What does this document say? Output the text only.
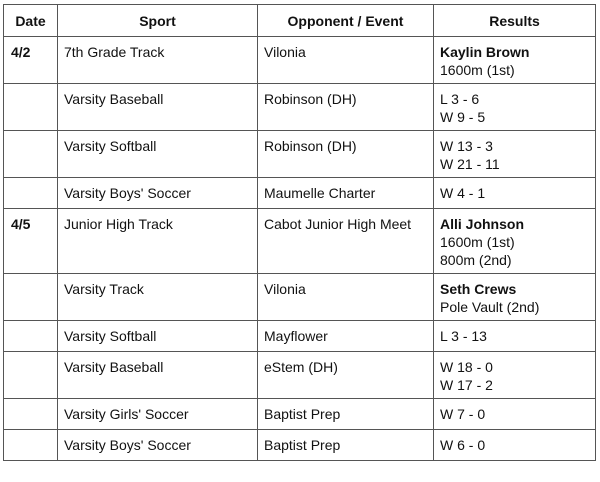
Date	Sport	Opponent / Event	Results
4/2	7th Grade Track	Vilonia	Kaylin Brown
1600m (1st)

	Varsity Baseball	Robinson (DH)	L 3 - 6
W 9 - 5

	Varsity Softball	Robinson (DH)	W 13 - 3
W 21 - 11

	Varsity Boys' Soccer	Maumelle Charter	W 4 - 1

4/5	Junior High Track	Cabot Junior High Meet	Alli Johnson
1600m (1st)
800m (2nd)

	Varsity Track	Vilonia	Seth Crews
Pole Vault (2nd)

	Varsity Softball	Mayflower	L 3 - 13

	Varsity Baseball	eStem (DH)	W 18 - 0
W 17 - 2

	Varsity Girls' Soccer	Baptist Prep	W 7 - 0

	Varsity Boys' Soccer	Baptist Prep	W 6 - 0
